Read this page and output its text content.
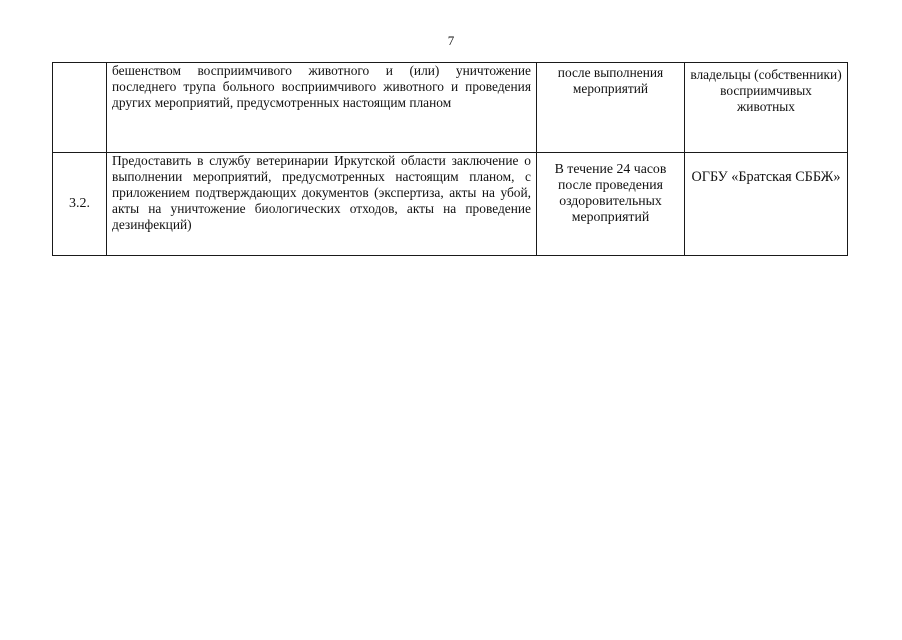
7
	бешенством восприимчивого животного и (или) уничтожение последнего трупа больного восприимчивого животного и проведения других мероприятий, предусмотренных настоящим планом	после выполнения мероприятий	владельцы (собственники) восприимчивых животных
3.2.	Предоставить в службу ветеринарии Иркутской области заключение о выполнении мероприятий, предусмотренных настоящим планом, с приложением подтверждающих документов (экспертиза, акты на убой, акты на уничтожение биологических отходов, акты на проведение дезинфекций)	В течение 24 часов после проведения оздоровительных мероприятий	ОГБУ «Братская СББЖ»
